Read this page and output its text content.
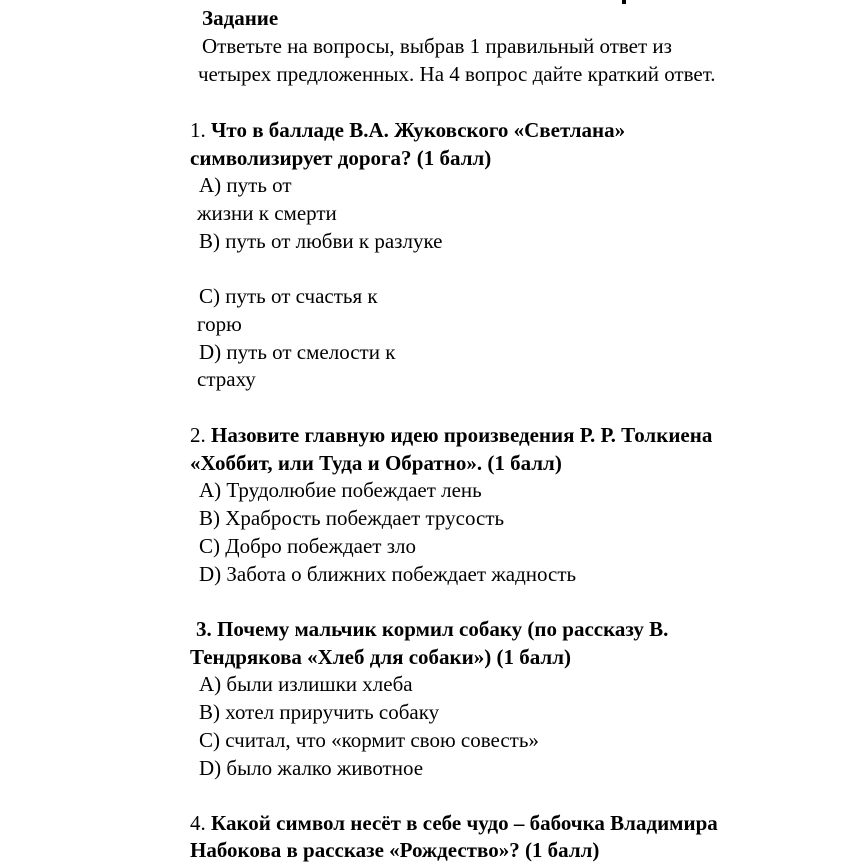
Задание
Ответьте на вопросы, выбрав 1 правильный ответ из
четырех предложенных. На 4 вопрос дайте краткий ответ.
1. Что в балладе В.А. Жуковского «Светлана»
символизирует дорога? (1 балл)
A) путь от
жизни к смерти
B) путь от любви к разлуке
C) путь от счастья к
горю
D) путь от смелости к
страху
2. Назовите главную идею произведения Р. Р. Толкиена
«Хоббит, или Туда и Обратно». (1 балл)
A) Трудолюбие побеждает лень
B) Храбрость побеждает трусость
C) Добро побеждает зло
D) Забота о ближних побеждает жадность
3. Почему мальчик кормил собаку (по рассказу В.
Тендрякова «Хлеб для собаки») (1 балл)
A) были излишки хлеба
B) хотел приручить собаку
C) считал, что «кормит свою совесть»
D) было жалко животное
4. Какой символ несёт в себе чудо – бабочка Владимира
Набокова в рассказе «Рождество»? (1 балл)
